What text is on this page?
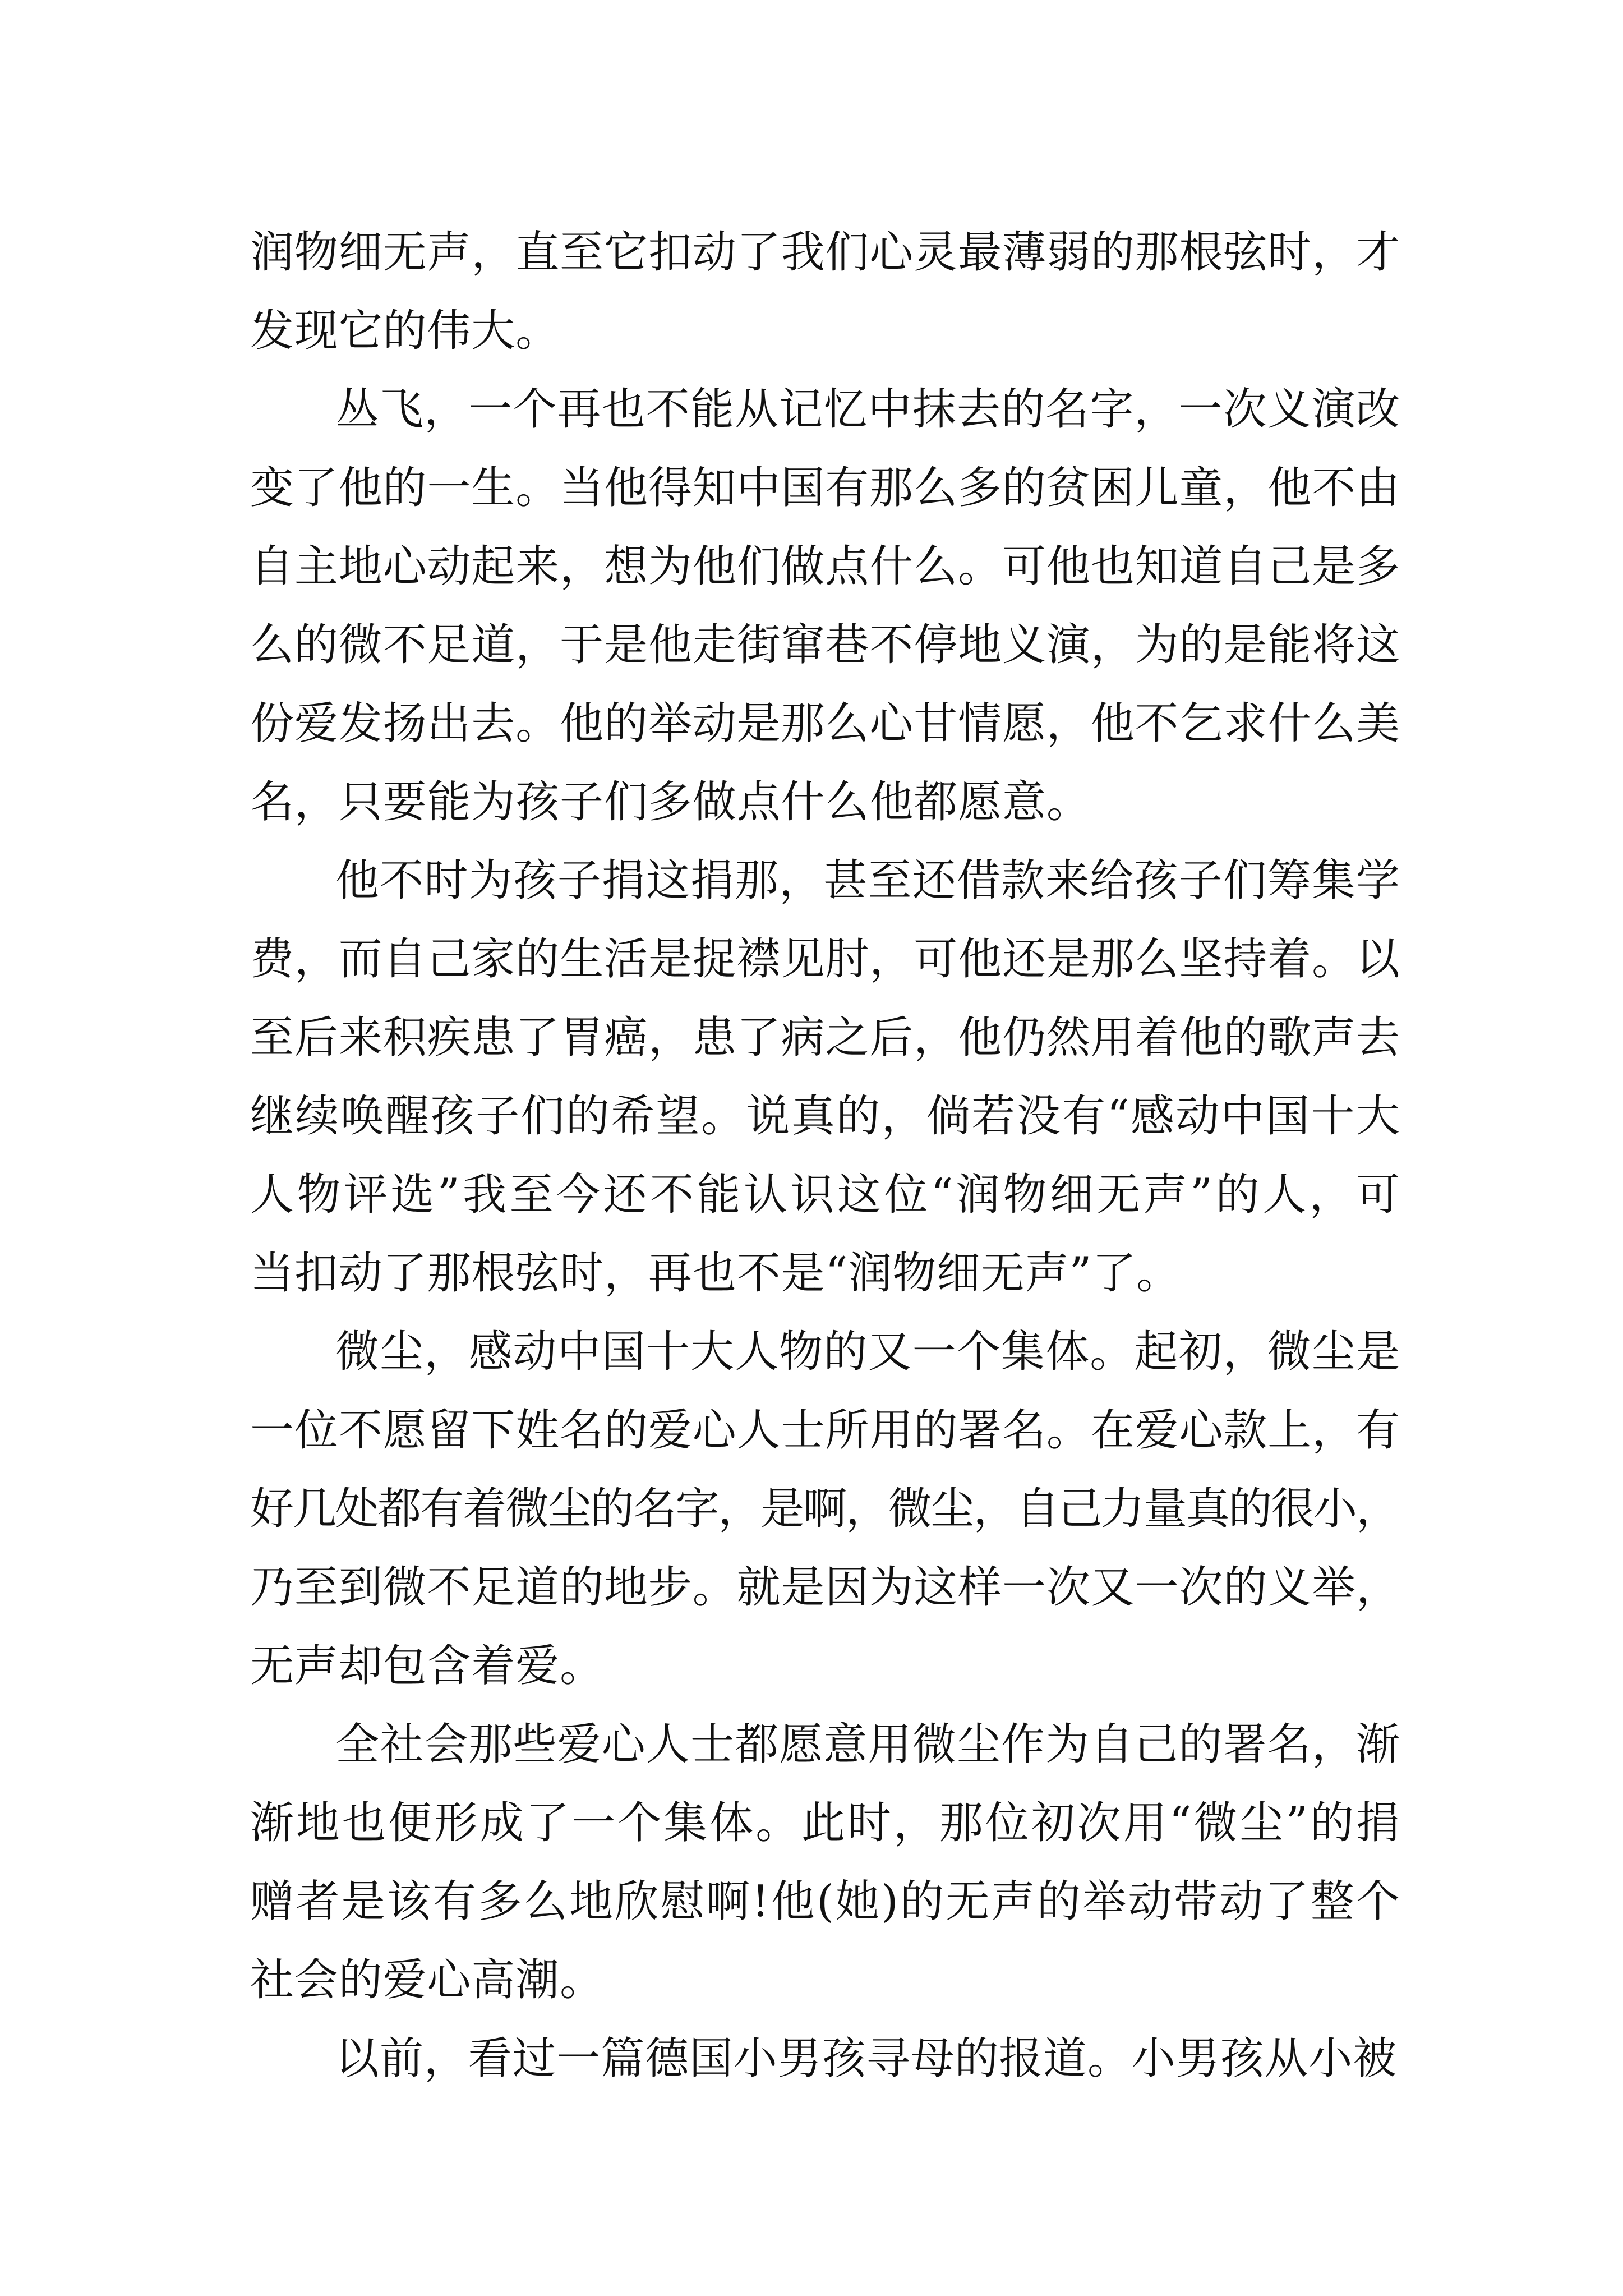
润物细无声，直至它扣动了我们心灵最薄弱的那根弦时，才
发现它的伟大。
丛飞，一个再也不能从记忆中抹去的名字，一次义演改
变了他的一生。当他得知中国有那么多的贫困儿童，他不由
自主地心动起来，想为他们做点什么。可他也知道自己是多
么的微不足道，于是他走街窜巷不停地义演，为的是能将这
份爱发扬出去。他的举动是那么心甘情愿，他不乞求什么美
名，只要能为孩子们多做点什么他都愿意。
他不时为孩子捐这捐那，甚至还借款来给孩子们筹集学
费，而自己家的生活是捉襟见肘，可他还是那么坚持着。以
至后来积疾患了胃癌，患了病之后，他仍然用着他的歌声去
继续唤醒孩子们的希望。说真的，倘若没有“感动中国十大
人物评选”我至今还不能认识这位“润物细无声”的人，可
当扣动了那根弦时，再也不是“润物细无声”了。
微尘，感动中国十大人物的又一个集体。起初，微尘是
一位不愿留下姓名的爱心人士所用的署名。在爱心款上，有
好几处都有着微尘的名字，是啊，微尘，自己力量真的很小，
乃至到微不足道的地步。就是因为这样一次又一次的义举，
无声却包含着爱。
全社会那些爱心人士都愿意用微尘作为自己的署名，渐
渐地也便形成了一个集体。此时，那位初次用“微尘”的捐
赠者是该有多么地欣慰啊!他(她)的无声的举动带动了整个
社会的爱心高潮。
以前，看过一篇德国小男孩寻母的报道。小男孩从小被
